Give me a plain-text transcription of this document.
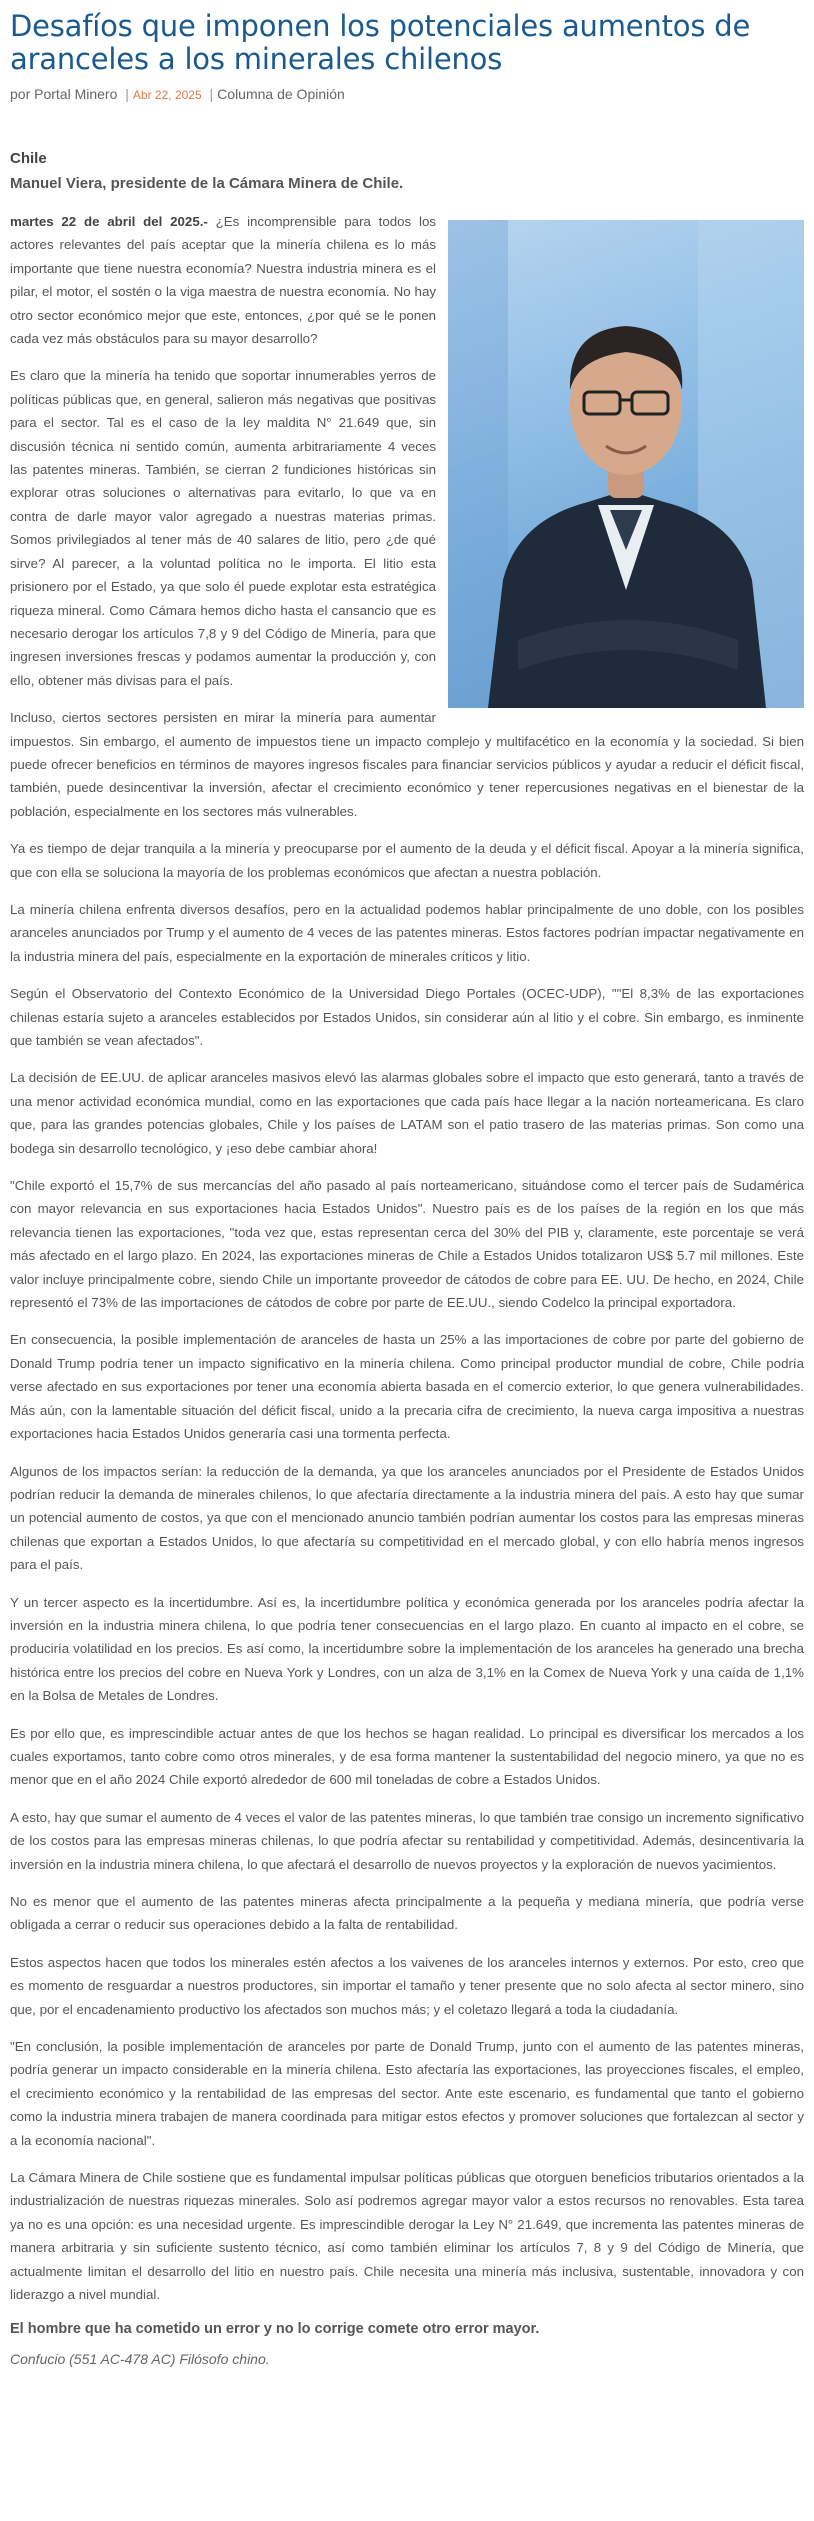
Desafíos que imponen los potenciales aumentos de aranceles a los minerales chilenos
por Portal Minero | Abr 22, 2025 | Columna de Opinión
Chile
Manuel Viera, presidente de la Cámara Minera de Chile.

martes 22 de abril del 2025.- ¿Es incomprensible para todos los actores relevantes del país aceptar que la minería chilena es lo más importante que tiene nuestra economía? Nuestra industria minera es el pilar, el motor, el sostén o la viga maestra de nuestra economía. No hay otro sector económico mejor que este, entonces, ¿por qué se le ponen cada vez más obstáculos para su mayor desarrollo?

Es claro que la minería ha tenido que soportar innumerables yerros de políticas públicas que, en general, salieron más negativas que positivas para el sector. Tal es el caso de la ley maldita N° 21.649 que, sin discusión técnica ni sentido común, aumenta arbitrariamente 4 veces las patentes mineras. También, se cierran 2 fundiciones históricas sin explorar otras soluciones o alternativas para evitarlo, lo que va en contra de darle mayor valor agregado a nuestras materias primas. Somos privilegiados al tener más de 40 salares de litio, pero ¿de qué sirve? Al parecer, a la voluntad política no le importa. El litio esta prisionero por el Estado, ya que solo él puede explotar esta estratégica riqueza mineral. Como Cámara hemos dicho hasta el cansancio que es necesario derogar los artículos 7,8 y 9 del Código de Minería, para que ingresen inversiones frescas y podamos aumentar la producción y, con ello, obtener más divisas para el país.

Incluso, ciertos sectores persisten en mirar la minería para aumentar impuestos. Sin embargo, el aumento de impuestos tiene un impacto complejo y multifacético en la economía y la sociedad. Si bien puede ofrecer beneficios en términos de mayores ingresos fiscales para financiar servicios públicos y ayudar a reducir el déficit fiscal, también, puede desincentivar la inversión, afectar el crecimiento económico y tener repercusiones negativas en el bienestar de la población, especialmente en los sectores más vulnerables.

Ya es tiempo de dejar tranquila a la minería y preocuparse por el aumento de la deuda y el déficit fiscal. Apoyar a la minería significa, que con ella se soluciona la mayoría de los problemas económicos que afectan a nuestra población.

La minería chilena enfrenta diversos desafíos, pero en la actualidad podemos hablar principalmente de uno doble, con los posibles aranceles anunciados por Trump y el aumento de 4 veces de las patentes mineras. Estos factores podrían impactar negativamente en la industria minera del país, especialmente en la exportación de minerales críticos y litio.

Según el Observatorio del Contexto Económico de la Universidad Diego Portales (OCEC-UDP), ""El 8,3% de las exportaciones chilenas estaría sujeto a aranceles establecidos por Estados Unidos, sin considerar aún al litio y el cobre. Sin embargo, es inminente que también se vean afectados".

La decisión de EE.UU. de aplicar aranceles masivos elevó las alarmas globales sobre el impacto que esto generará, tanto a través de una menor actividad económica mundial, como en las exportaciones que cada país hace llegar a la nación norteamericana. Es claro que, para las grandes potencias globales, Chile y los países de LATAM son el patio trasero de las materias primas. Son como una bodega sin desarrollo tecnológico, y ¡eso debe cambiar ahora!

"Chile exportó el 15,7% de sus mercancías del año pasado al país norteamericano, situándose como el tercer país de Sudamérica con mayor relevancia en sus exportaciones hacia Estados Unidos". Nuestro país es de los países de la región en los que más relevancia tienen las exportaciones, "toda vez que, estas representan cerca del 30% del PIB y, claramente, este porcentaje se verá más afectado en el largo plazo. En 2024, las exportaciones mineras de Chile a Estados Unidos totalizaron US$ 5.7 mil millones. Este valor incluye principalmente cobre, siendo Chile un importante proveedor de cátodos de cobre para EE. UU. De hecho, en 2024, Chile representó el 73% de las importaciones de cátodos de cobre por parte de EE.UU., siendo Codelco la principal exportadora.

En consecuencia, la posible implementación de aranceles de hasta un 25% a las importaciones de cobre por parte del gobierno de Donald Trump podría tener un impacto significativo en la minería chilena. Como principal productor mundial de cobre, Chile podría verse afectado en sus exportaciones por tener una economía abierta basada en el comercio exterior, lo que genera vulnerabilidades. Más aún, con la lamentable situación del déficit fiscal, unido a la precaria cifra de crecimiento, la nueva carga impositiva a nuestras exportaciones hacia Estados Unidos generaría casi una tormenta perfecta.

Algunos de los impactos serían: la reducción de la demanda, ya que los aranceles anunciados por el Presidente de Estados Unidos podrían reducir la demanda de minerales chilenos, lo que afectaría directamente a la industria minera del país. A esto hay que sumar un potencial aumento de costos, ya que con el mencionado anuncio también podrían aumentar los costos para las empresas mineras chilenas que exportan a Estados Unidos, lo que afectaría su competitividad en el mercado global, y con ello habría menos ingresos para el país.

Y un tercer aspecto es la incertidumbre. Así es, la incertidumbre política y económica generada por los aranceles podría afectar la inversión en la industria minera chilena, lo que podría tener consecuencias en el largo plazo. En cuanto al impacto en el cobre, se produciría volatilidad en los precios. Es así como, la incertidumbre sobre la implementación de los aranceles ha generado una brecha histórica entre los precios del cobre en Nueva York y Londres, con un alza de 3,1% en la Comex de Nueva York y una caída de 1,1% en la Bolsa de Metales de Londres.

Es por ello que, es imprescindible actuar antes de que los hechos se hagan realidad. Lo principal es diversificar los mercados a los cuales exportamos, tanto cobre como otros minerales, y de esa forma mantener la sustentabilidad del negocio minero, ya que no es menor que en el año 2024 Chile exportó alrededor de 600 mil toneladas de cobre a Estados Unidos.

A esto, hay que sumar el aumento de 4 veces el valor de las patentes mineras, lo que también trae consigo un incremento significativo de los costos para las empresas mineras chilenas, lo que podría afectar su rentabilidad y competitividad. Además, desincentivaría la inversión en la industria minera chilena, lo que afectará el desarrollo de nuevos proyectos y la exploración de nuevos yacimientos.

No es menor que el aumento de las patentes mineras afecta principalmente a la pequeña y mediana minería, que podría verse obligada a cerrar o reducir sus operaciones debido a la falta de rentabilidad.

Estos aspectos hacen que todos los minerales estén afectos a los vaivenes de los aranceles internos y externos. Por esto, creo que es momento de resguardar a nuestros productores, sin importar el tamaño y tener presente que no solo afecta al sector minero, sino que, por el encadenamiento productivo los afectados son muchos más; y el coletazo llegará a toda la ciudadanía.

"En conclusión, la posible implementación de aranceles por parte de Donald Trump, junto con el aumento de las patentes mineras, podría generar un impacto considerable en la minería chilena. Esto afectaría las exportaciones, las proyecciones fiscales, el empleo, el crecimiento económico y la rentabilidad de las empresas del sector. Ante este escenario, es fundamental que tanto el gobierno como la industria minera trabajen de manera coordinada para mitigar estos efectos y promover soluciones que fortalezcan al sector y a la economía nacional".

La Cámara Minera de Chile sostiene que es fundamental impulsar políticas públicas que otorguen beneficios tributarios orientados a la industrialización de nuestras riquezas minerales. Solo así podremos agregar mayor valor a estos recursos no renovables. Esta tarea ya no es una opción: es una necesidad urgente. Es imprescindible derogar la Ley N° 21.649, que incrementa las patentes mineras de manera arbitraria y sin suficiente sustento técnico, así como también eliminar los artículos 7, 8 y 9 del Código de Minería, que actualmente limitan el desarrollo del litio en nuestro país. Chile necesita una minería más inclusiva, sustentable, innovadora y con liderazgo a nivel mundial.

El hombre que ha cometido un error y no lo corrige comete otro error mayor.
Confucio (551 AC-478 AC) Filósofo chino.
